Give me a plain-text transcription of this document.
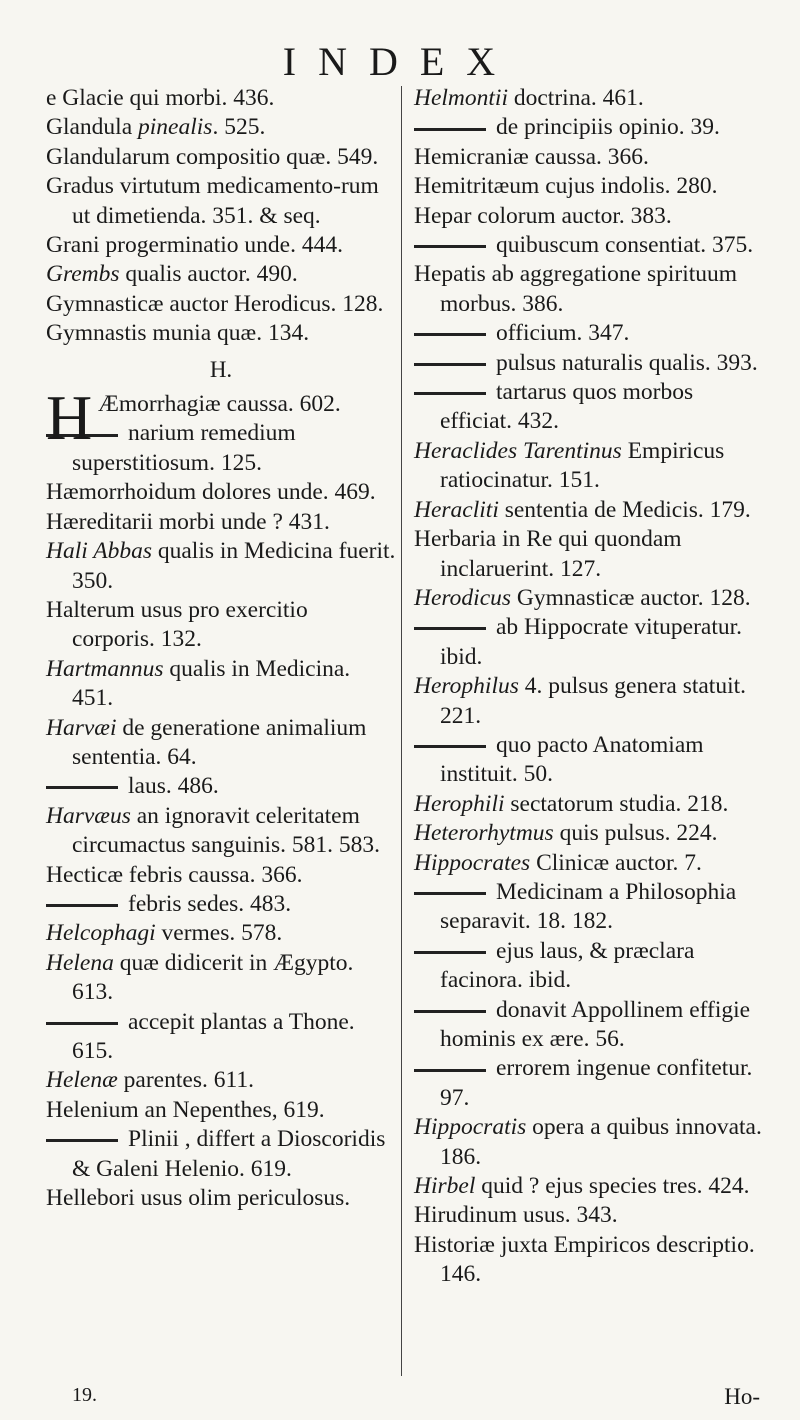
INDEX

e Glacie qui morbi. 436.

Glandula pinealis. 525.

Glandularum compositio quæ. 549.

Gradus virtutum medicamento-rum ut dimetienda. 351. & seq.

Grani progerminatio unde. 444.

Grembs qualis auctor. 490.

Gymnasticæ auctor Herodicus. 128.

Gymnastis munia quæ. 134.

H.

H Æmorrhagiæ caussa. 602.

narium remedium superstitiosum. 125.

Hæmorrhoidum dolores unde. 469.

Hæreditarii morbi unde ? 431.

Hali Abbas qualis in Medicina fuerit. 350.

Halterum usus pro exercitio corporis. 132.

Hartmannus qualis in Medicina. 451.

Harvæi de generatione animalium sententia. 64.

laus. 486.

Harvæus an ignoravit celeritatem circumactus sanguinis. 581. 583.

Hecticæ febris caussa. 366.

febris sedes. 483.

Helcophagi vermes. 578.

Helena quæ didicerit in Ægypto. 613.

accepit plantas a Thone. 615.

Helenæ parentes. 611.

Helenium an Nepenthes, 619.

Plinii , differt a Dioscoridis & Galeni Helenio. 619.

Hellebori usus olim periculosus.

Helmontii doctrina. 461.

de principiis opinio. 39.

Hemicraniæ caussa. 366.

Hemitritæum cujus indolis. 280.

Hepar colorum auctor. 383.

quibuscum consentiat. 375.

Hepatis ab aggregatione spirituum morbus. 386.

officium. 347.

pulsus naturalis qualis. 393.

tartarus quos morbos efficiat. 432.

Heraclides Tarentinus Empiricus ratiocinatur. 151.

Heracliti sententia de Medicis. 179.

Herbaria in Re qui quondam inclaruerint. 127.

Herodicus Gymnasticæ auctor. 128.

ab Hippocrate vituperatur. ibid.

Herophilus 4. pulsus genera statuit. 221.

quo pacto Anatomiam instituit. 50.

Herophili sectatorum studia. 218.

Heterorhytmus quis pulsus. 224.

Hippocrates Clinicæ auctor. 7.

Medicinam a Philosophia separavit. 18. 182.

ejus laus, & præclara facinora. ibid.

donavit Appollinem effigie hominis ex ære. 56.

errorem ingenue confitetur. 97.

Hippocratis opera a quibus innovata. 186.

Hirbel quid ? ejus species tres. 424.

Hirudinum usus. 343.

Historiæ juxta Empiricos descriptio. 146.

19.	Ho-
